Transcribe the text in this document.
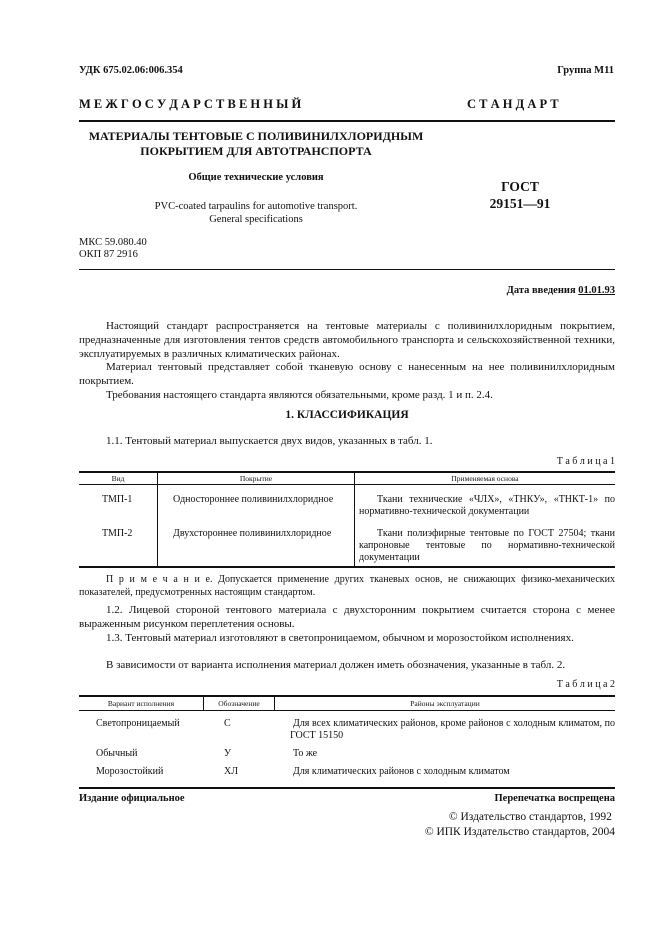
УДК 675.02.06:006.354	Группа М11
М Е Ж Г О С У Д А Р С Т В Е Н Н Ы Й	С Т А Н Д А Р Т
МАТЕРИАЛЫ ТЕНТОВЫЕ С ПОЛИВИНИЛХЛОРИДНЫМ
ПОКРЫТИЕМ ДЛЯ АВТОТРАНСПОРТА
Общие технические условия
PVC-coated tarpaulins for automotive transport.
General specifications
ГОСТ
29151—91
МКС 59.080.40
ОКП 87 2916
Дата введения 01.01.93
Настоящий стандарт распространяется на тентовые материалы с поливинилхлоридным покрытием, предназначенные для изготовления тентов средств автомобильного транспорта и сельскохозяйственной техники, эксплуатируемых в различных климатических районах.
Материал тентовый представляет собой тканевую основу с нанесенным на нее поливинилхлоридным покрытием.
Требования настоящего стандарта являются обязательными, кроме разд. 1 и п. 2.4.
1. КЛАССИФИКАЦИЯ
1.1. Тентовый материал выпускается двух видов, указанных в табл. 1.
Т а б л и ц а 1
Вид	Покрытие	Применяемая основа
ТМП-1	Одностороннее поливинилхлоридное	Ткани технические «ЧЛХ», «ТНКУ», «ТНКТ-1» по нормативно-технической документации
ТМП-2	Двухстороннее поливинилхлоридное	Ткани полиэфирные тентовые по ГОСТ 27504; ткани капроновые тентовые по нормативно-технической документации
П р и м е ч а н и е. Допускается применение других тканевых основ, не снижающих физико-механических показателей, предусмотренных настоящим стандартом.
1.2. Лицевой стороной тентового материала с двухсторонним покрытием считается сторона с менее выраженным рисунком переплетения основы.
1.3. Тентовый материал изготовляют в светопроницаемом, обычном и морозостойком исполнениях.
В зависимости от варианта исполнения материал должен иметь обозначения, указанные в табл. 2.
Т а б л и ц а 2
Вариант исполнения	Обозначение	Районы эксплуатации
Светопроницаемый	С	Для всех климатических районов, кроме районов с холодным климатом, по ГОСТ 15150
Обычный	У	То же
Морозостойкий	ХЛ	Для климатических районов с холодным климатом
Издание официальное	Перепечатка воспрещена
© Издательство стандартов, 1992
© ИПК Издательство стандартов, 2004
